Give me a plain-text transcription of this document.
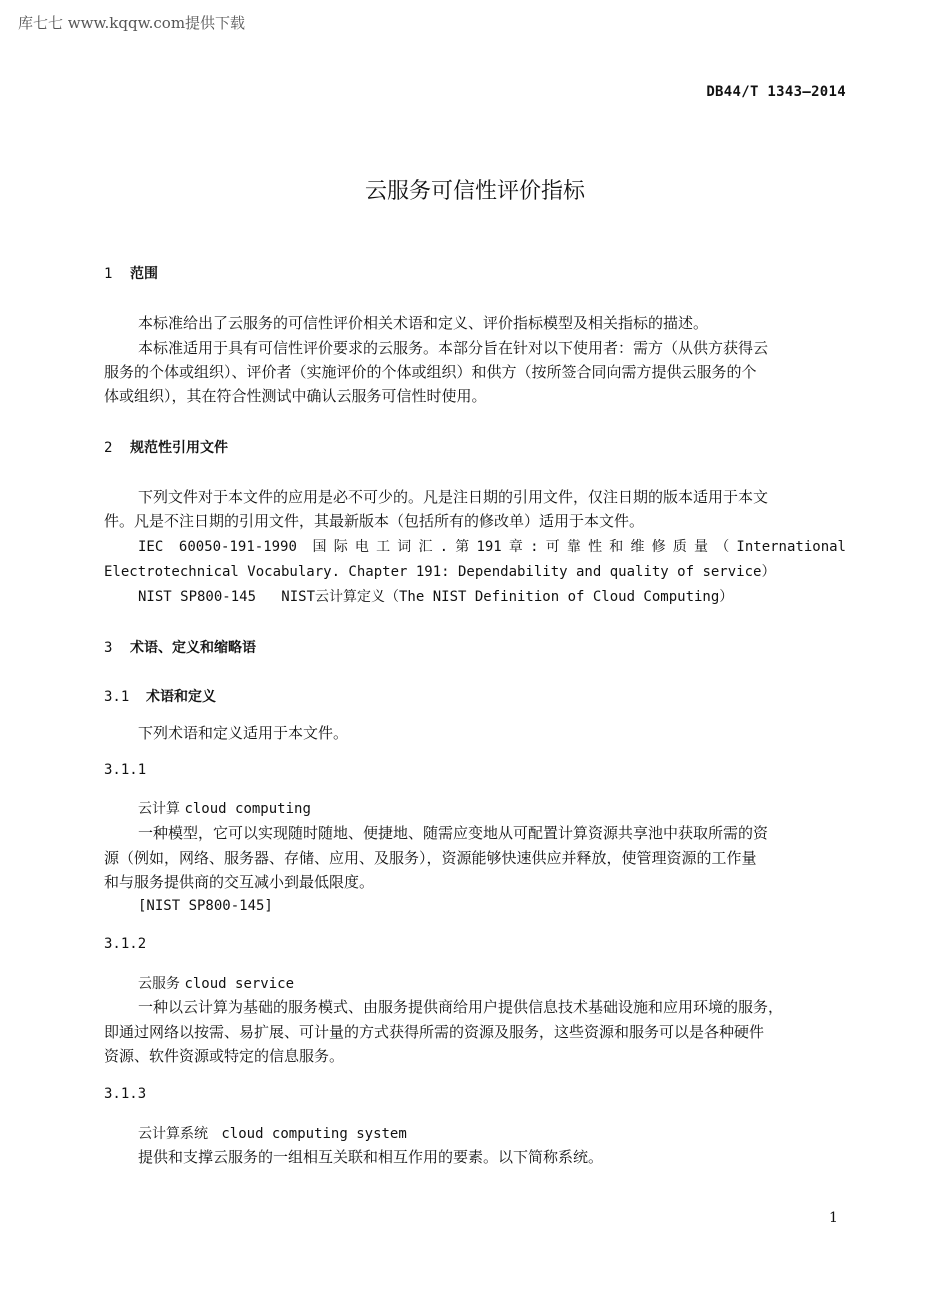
库七七 www.kqqw.com提供下载
DB44/T 1343—2014
云服务可信性评价指标
1 范围
本标准给出了云服务的可信性评价相关术语和定义、评价指标模型及相关指标的描述。
本标准适用于具有可信性评价要求的云服务。本部分旨在针对以下使用者：需方（从供方获得云
服务的个体或组织）、评价者（实施评价的个体或组织）和供方（按所签合同向需方提供云服务的个
体或组织），其在符合性测试中确认云服务可信性时使用。
2 规范性引用文件
下列文件对于本文件的应用是必不可少的。凡是注日期的引用文件，仅注日期的版本适用于本文
件。凡是不注日期的引用文件，其最新版本（包括所有的修改单）适用于本文件。
IEC 60050-191-1990 国际电工词汇.第191章:可靠性和维修质量（International
Electrotechnical Vocabulary. Chapter 191: Dependability and quality of service）
NIST SP800-145   NIST云计算定义（The NIST Definition of Cloud Computing）
3 术语、定义和缩略语
3.1 术语和定义
下列术语和定义适用于本文件。
3.1.1
云计算 cloud computing
一种模型，它可以实现随时随地、便捷地、随需应变地从可配置计算资源共享池中获取所需的资
源（例如，网络、服务器、存储、应用、及服务），资源能够快速供应并释放，使管理资源的工作量
和与服务提供商的交互减小到最低限度。
[NIST SP800-145]
3.1.2
云服务 cloud service
一种以云计算为基础的服务模式、由服务提供商给用户提供信息技术基础设施和应用环境的服务，
即通过网络以按需、易扩展、可计量的方式获得所需的资源及服务，这些资源和服务可以是各种硬件
资源、软件资源或特定的信息服务。
3.1.3
云计算系统 cloud computing system
提供和支撑云服务的一组相互关联和相互作用的要素。以下简称系统。
1
